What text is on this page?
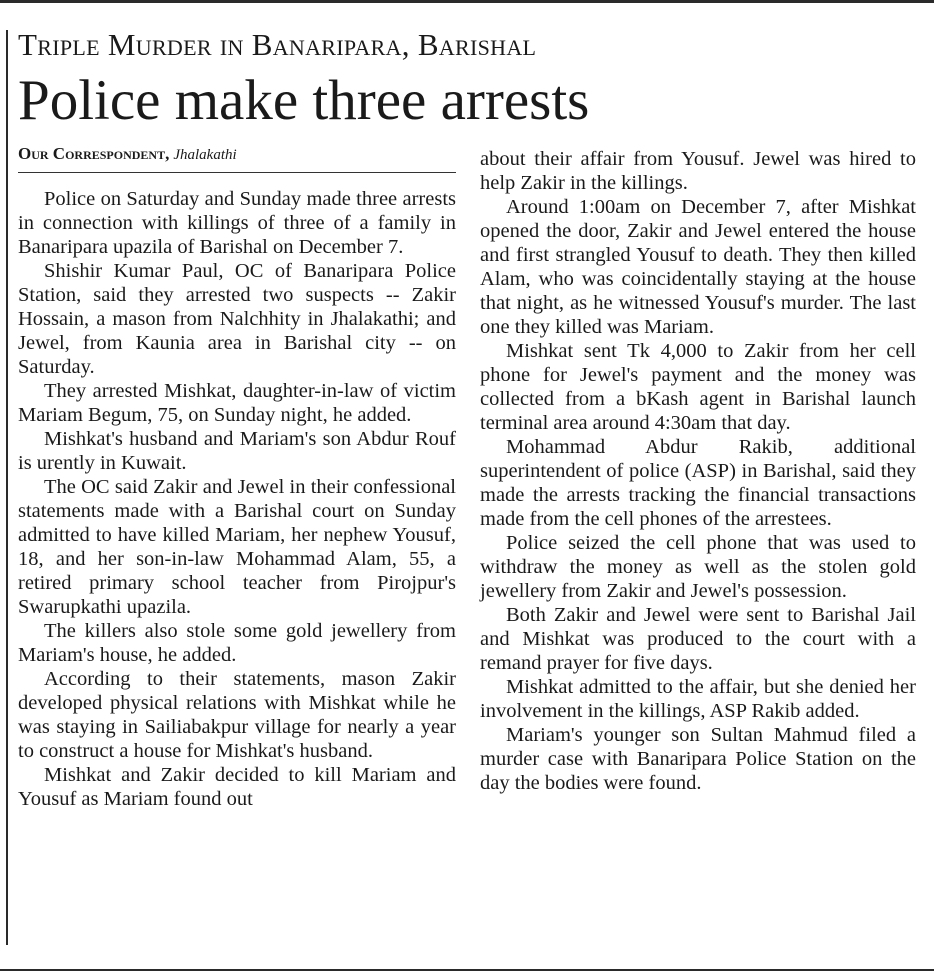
Triple Murder in Banaripara, Barishal
Police make three arrests
Our Correspondent, Jhalakathi

Police on Saturday and Sunday made three arrests in connection with killings of three of a family in Banaripara upazila of Barishal on December 7.

Shishir Kumar Paul, OC of Banaripara Police Station, said they arrested two suspects -- Zakir Hossain, a mason from Nalchhity in Jhalakathi; and Jewel, from Kaunia area in Barishal city -- on Saturday.

They arrested Mishkat, daughter-in-law of victim Mariam Begum, 75, on Sunday night, he added.

Mishkat's husband and Mariam's son Abdur Rouf is urently in Kuwait.

The OC said Zakir and Jewel in their confessional statements made with a Barishal court on Sunday admitted to have killed Mariam, her nephew Yousuf, 18, and her son-in-law Mohammad Alam, 55, a retired primary school teacher from Pirojpur's Swarupkathi upazila.

The killers also stole some gold jewellery from Mariam's house, he added.

According to their statements, mason Zakir developed physical relations with Mishkat while he was staying in Sailiabakpur village for nearly a year to construct a house for Mishkat's husband.

Mishkat and Zakir decided to kill Mariam and Yousuf as Mariam found out

about their affair from Yousuf. Jewel was hired to help Zakir in the killings.

Around 1:00am on December 7, after Mishkat opened the door, Zakir and Jewel entered the house and first strangled Yousuf to death. They then killed Alam, who was coincidentally staying at the house that night, as he witnessed Yousuf's murder. The last one they killed was Mariam.

Mishkat sent Tk 4,000 to Zakir from her cell phone for Jewel's payment and the money was collected from a bKash agent in Barishal launch terminal area around 4:30am that day.

Mohammad Abdur Rakib, additional superintendent of police (ASP) in Barishal, said they made the arrests tracking the financial transactions made from the cell phones of the arrestees.

Police seized the cell phone that was used to withdraw the money as well as the stolen gold jewellery from Zakir and Jewel's possession.

Both Zakir and Jewel were sent to Barishal Jail and Mishkat was produced to the court with a remand prayer for five days.

Mishkat admitted to the affair, but she denied her involvement in the killings, ASP Rakib added.

Mariam's younger son Sultan Mahmud filed a murder case with Banaripara Police Station on the day the bodies were found.
